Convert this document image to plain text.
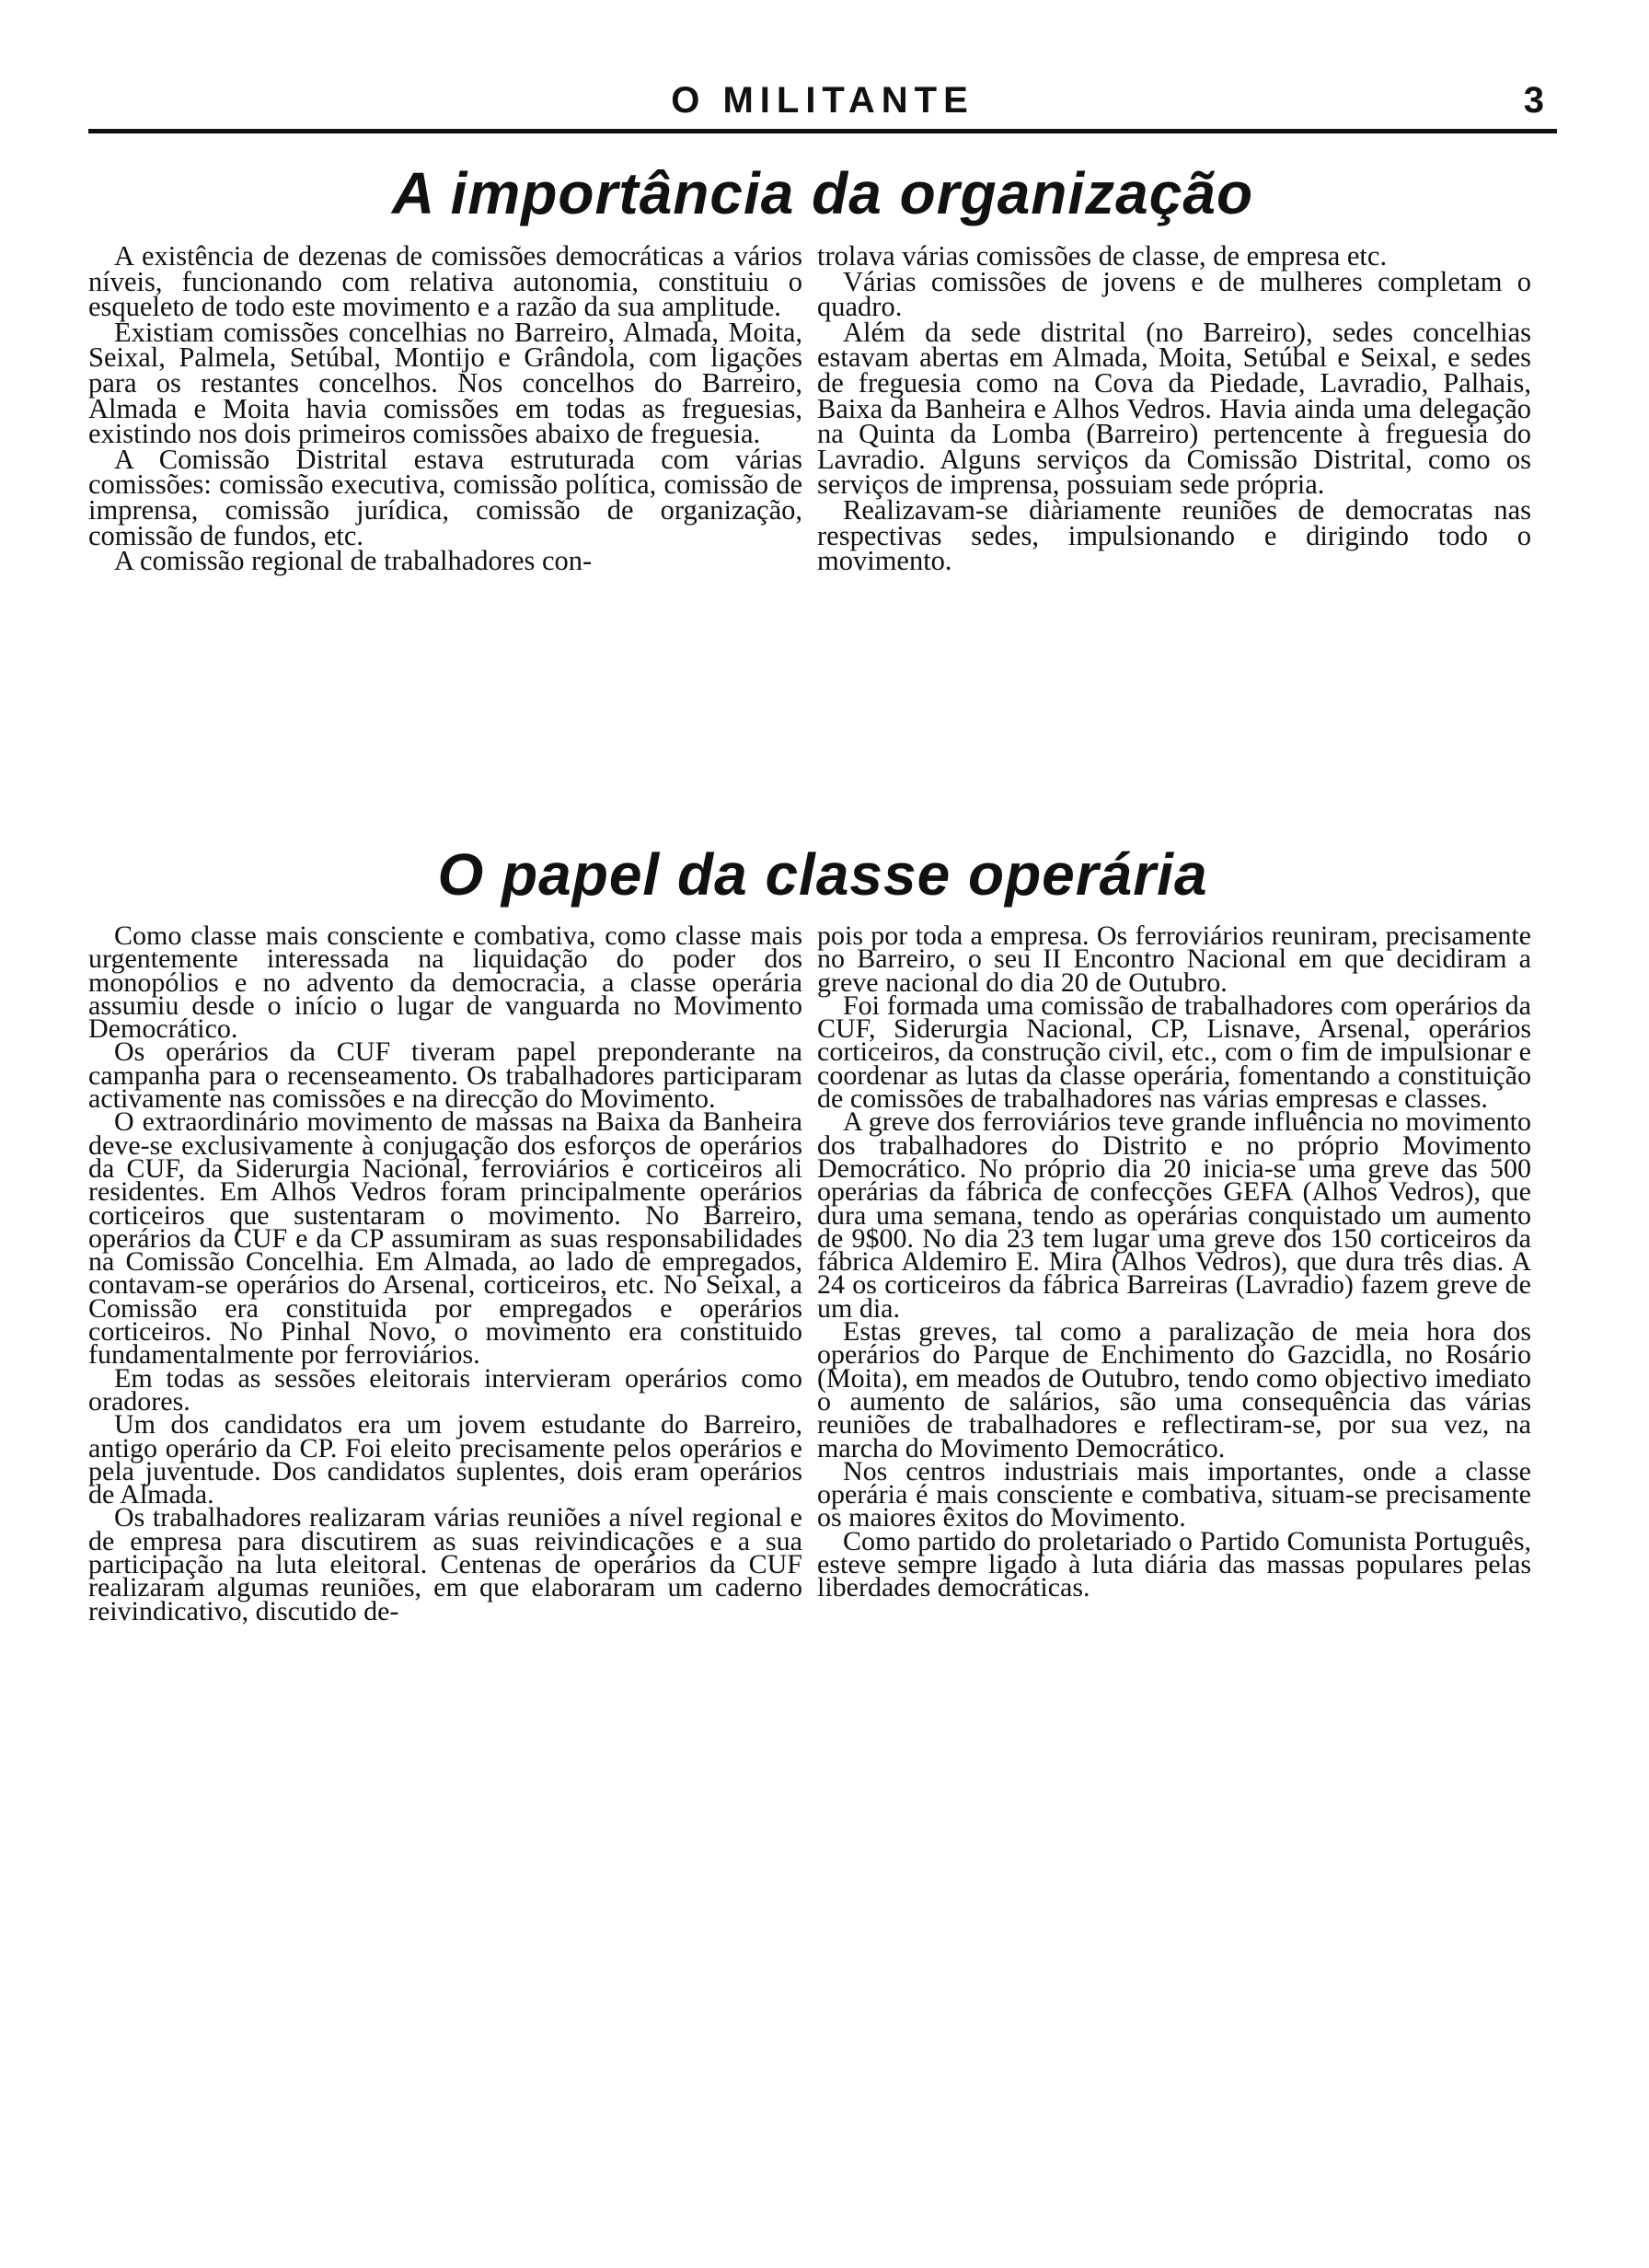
O MILITANTE	3
A importância da organização

A existência de dezenas de comissões democráticas a vários níveis, funcionando com relativa autonomia, constituiu o esqueleto de todo este movimento e a razão da sua amplitude.

Existiam comissões concelhias no Barreiro, Almada, Moita, Seixal, Palmela, Setúbal, Montijo e Grândola, com ligações para os restantes concelhos. Nos concelhos do Barreiro, Almada e Moita havia comissões em todas as freguesias, existindo nos dois primeiros comissões abaixo de freguesia.

A Comissão Distrital estava estruturada com várias comissões: comissão executiva, comissão política, comissão de imprensa, comissão jurídica, comissão de organização, comissão de fundos, etc.

A comissão regional de trabalhadores con-

trolava várias comissões de classe, de empresa etc.

Várias comissões de jovens e de mulheres completam o quadro.

Além da sede distrital (no Barreiro), sedes concelhias estavam abertas em Almada, Moita, Setúbal e Seixal, e sedes de freguesia como na Cova da Piedade, Lavradio, Palhais, Baixa da Banheira e Alhos Vedros. Havia ainda uma delegação na Quinta da Lomba (Barreiro) pertencente à freguesia do Lavradio. Alguns serviços da Comissão Distrital, como os serviços de imprensa, possuiam sede própria.

Realizavam-se diàriamente reuniões de democratas nas respectivas sedes, impulsionando e dirigindo todo o movimento.

O papel da classe operária

Como classe mais consciente e combativa, como classe mais urgentemente interessada na liquidação do poder dos monopólios e no advento da democracia, a classe operária assumiu desde o início o lugar de vanguarda no Movimento Democrático.

Os operários da CUF tiveram papel preponderante na campanha para o recenseamento. Os trabalhadores participaram activamente nas comissões e na direcção do Movimento.

O extraordinário movimento de massas na Baixa da Banheira deve-se exclusivamente à conjugação dos esforços de operários da CUF, da Siderurgia Nacional, ferroviários e corticeiros ali residentes. Em Alhos Vedros foram principalmente operários corticeiros que sustentaram o movimento. No Barreiro, operários da CUF e da CP assumiram as suas responsabilidades na Comissão Concelhia. Em Almada, ao lado de empregados, contavam-se operários do Arsenal, corticeiros, etc. No Seixal, a Comissão era constituida por empregados e operários corticeiros. No Pinhal Novo, o movimento era constituido fundamentalmente por ferroviários.

Em todas as sessões eleitorais intervieram operários como oradores.

Um dos candidatos era um jovem estudante do Barreiro, antigo operário da CP. Foi eleito precisamente pelos operários e pela juventude. Dos candidatos suplentes, dois eram operários de Almada.

Os trabalhadores realizaram várias reuniões a nível regional e de empresa para discutirem as suas reivindicações e a sua participação na luta eleitoral. Centenas de operários da CUF realizaram algumas reuniões, em que elaboraram um caderno reivindicativo, discutido de-

pois por toda a empresa. Os ferroviários reuniram, precisamente no Barreiro, o seu II Encontro Nacional em que decidiram a greve nacional do dia 20 de Outubro.

Foi formada uma comissão de trabalhadores com operários da CUF, Siderurgia Nacional, CP, Lisnave, Arsenal, operários corticeiros, da construção civil, etc., com o fim de impulsionar e coordenar as lutas da classe operária, fomentando a constituição de comissões de trabalhadores nas várias empresas e classes.

A greve dos ferroviários teve grande influência no movimento dos trabalhadores do Distrito e no próprio Movimento Democrático. No próprio dia 20 inicia-se uma greve das 500 operárias da fábrica de confecções GEFA (Alhos Vedros), que dura uma semana, tendo as operárias conquistado um aumento de 9$00. No dia 23 tem lugar uma greve dos 150 corticeiros da fábrica Aldemiro E. Mira (Alhos Vedros), que dura três dias. A 24 os corticeiros da fábrica Barreiras (Lavradio) fazem greve de um dia.

Estas greves, tal como a paralização de meia hora dos operários do Parque de Enchimento do Gazcidla, no Rosário (Moita), em meados de Outubro, tendo como objectivo imediato o aumento de salários, são uma consequência das várias reuniões de trabalhadores e reflectiram-se, por sua vez, na marcha do Movimento Democrático.

Nos centros industriais mais importantes, onde a classe operária é mais consciente e combativa, situam-se precisamente os maiores êxitos do Movimento.

Como partido do proletariado o Partido Comunista Português, esteve sempre ligado à luta diária das massas populares pelas liberdades democráticas.
